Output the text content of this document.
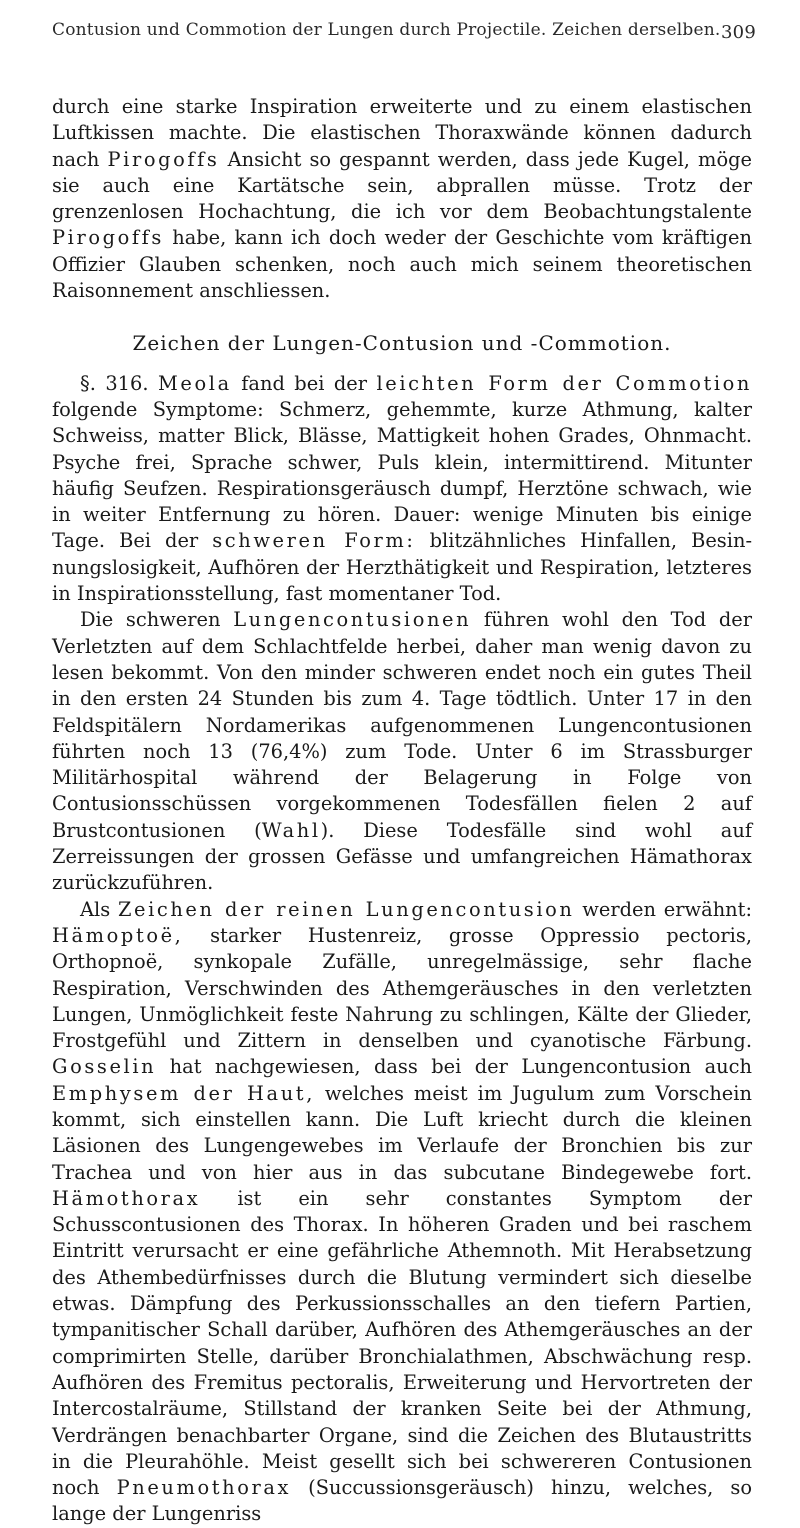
Contusion und Commotion der Lungen durch Projectile. Zeichen derselben. 309

durch eine starke Inspiration erweiterte und zu einem elastischen Luftkissen machte. Die elastischen Thoraxwände können dadurch nach Pirogoffs Ansicht so gespannt werden, dass jede Kugel, möge sie auch eine Kartätsche sein, abprallen müsse. Trotz der grenzenlosen Hochachtung, die ich vor dem Beobachtungstalente Pirogoffs habe, kann ich doch weder der Geschichte vom kräftigen Offizier Glauben schenken, noch auch mich seinem theoretischen Raisonnement anschliessen.

Zeichen der Lungen-Contusion und -Commotion.

§. 316. Meola fand bei der leichten Form der Commotion folgende Symptome: Schmerz, gehemmte, kurze Athmung, kalter Schweiss, matter Blick, Blässe, Mattigkeit hohen Grades, Ohnmacht. Psyche frei, Sprache schwer, Puls klein, intermittirend. Mitunter häufig Seufzen. Respirationsgeräusch dumpf, Herztöne schwach, wie in weiter Entfernung zu hören. Dauer: wenige Minuten bis einige Tage. Bei der schweren Form: blitzähnliches Hinfallen, Besinnungslosigkeit, Aufhören der Herzthätigkeit und Respiration, letzteres in Inspirationsstellung, fast momentaner Tod.

Die schweren Lungencontusionen führen wohl den Tod der Verletzten auf dem Schlachtfelde herbei, daher man wenig davon zu lesen bekommt. Von den minder schweren endet noch ein gutes Theil in den ersten 24 Stunden bis zum 4. Tage tödtlich. Unter 17 in den Feldspitälern Nordamerikas aufgenommenen Lungencontusionen führten noch 13 (76,4%) zum Tode. Unter 6 im Strassburger Militärhospital während der Belagerung in Folge von Contusionsschüssen vorgekommenen Todesfällen fielen 2 auf Brustcontusionen (Wahl). Diese Todesfälle sind wohl auf Zerreissungen der grossen Gefässe und umfangreichen Hämathorax zurückzuführen.

Als Zeichen der reinen Lungencontusion werden erwähnt: Hämoptoë, starker Hustenreiz, grosse Oppressio pectoris, Orthopnoë, synkopale Zufälle, unregelmässige, sehr flache Respiration, Verschwinden des Athemgeräusches in den verletzten Lungen, Unmöglichkeit feste Nahrung zu schlingen, Kälte der Glieder, Frostgefühl und Zittern in denselben und cyanotische Färbung. Gosselin hat nachgewiesen, dass bei der Lungencontusion auch Emphysem der Haut, welches meist im Jugulum zum Vorschein kommt, sich einstellen kann. Die Luft kriecht durch die kleinen Läsionen des Lungengewebes im Verlaufe der Bronchien bis zur Trachea und von hier aus in das subcutane Bindegewebe fort. Hämothorax ist ein sehr constantes Symptom der Schusscontusionen des Thorax. In höheren Graden und bei raschem Eintritt verursacht er eine gefährliche Athemnoth. Mit Herabsetzung des Athembedürfnisses durch die Blutung vermindert sich dieselbe etwas. Dämpfung des Perkussionsschalles an den tiefern Partien, tympanitischer Schall darüber, Aufhören des Athemgeräusches an der comprimirten Stelle, darüber Bronchialathmen, Abschwächung resp. Aufhören des Fremitus pectoralis, Erweiterung und Hervortreten der Intercostalräume, Stillstand der kranken Seite bei der Athmung, Verdrängen benachbarter Organe, sind die Zeichen des Blutaustritts in die Pleurahöhle. Meist gesellt sich bei schwereren Contusionen noch Pneumothorax (Succussionsgeräusch) hinzu, welches, so lange der Lungenriss
